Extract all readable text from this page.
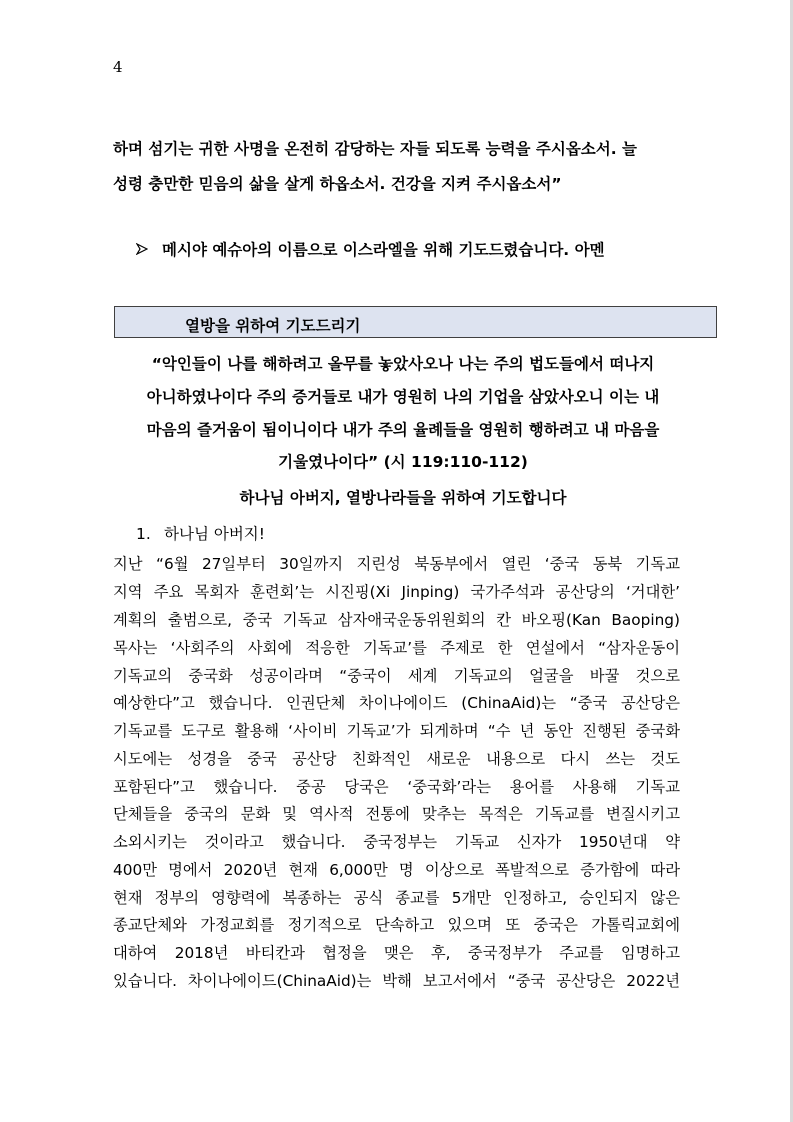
4
하며 섬기는 귀한 사명을 온전히 감당하는 자들 되도록 능력을 주시옵소서. 늘
성령 충만한 믿음의 삶을 살게 하옵소서. 건강을 지켜 주시옵소서”
메시야 예슈아의 이름으로 이스라엘을 위해 기도드렸습니다. 아멘
열방을 위하여 기도드리기
“악인들이 나를 해하려고 올무를 놓았사오나 나는 주의 법도들에서 떠나지
아니하였나이다 주의 증거들로 내가 영원히 나의 기업을 삼았사오니 이는 내
마음의 즐거움이 됨이니이다 내가 주의 율례들을 영원히 행하려고 내 마음을
기울였나이다” (시 119:110-112)
하나님 아버지, 열방나라들을 위하여 기도합니다
1. 하나님 아버지!
지난 “6월 27일부터 30일까지 지린성 북동부에서 열린 ‘중국 동북 기독교
지역 주요 목회자 훈련회’는 시진핑(Xi Jinping) 국가주석과 공산당의 ‘거대한’
계획의 출범으로, 중국 기독교 삼자애국운동위원회의 칸 바오핑(Kan Baoping)
목사는 ‘사회주의 사회에 적응한 기독교’를 주제로 한 연설에서 “삼자운동이
기독교의 중국화 성공이라며 “중국이 세계 기독교의 얼굴을 바꿀 것으로
예상한다”고 했습니다. 인권단체 차이나에이드 (ChinaAid)는 “중국 공산당은
기독교를 도구로 활용해 ‘사이비 기독교’가 되게하며 “수 년 동안 진행된 중국화
시도에는 성경을 중국 공산당 친화적인 새로운 내용으로 다시 쓰는 것도
포함된다”고 했습니다. 중공 당국은 ‘중국화’라는 용어를 사용해 기독교
단체들을 중국의 문화 및 역사적 전통에 맞추는 목적은 기독교를 변질시키고
소외시키는 것이라고 했습니다. 중국정부는 기독교 신자가 1950년대 약
400만 명에서 2020년 현재 6,000만 명 이상으로 폭발적으로 증가함에 따라
현재 정부의 영향력에 복종하는 공식 종교를 5개만 인정하고, 승인되지 않은
종교단체와 가정교회를 정기적으로 단속하고 있으며 또 중국은 가톨릭교회에
대하여 2018년 바티칸과 협정을 맺은 후, 중국정부가 주교를 임명하고
있습니다. 차이나에이드(ChinaAid)는 박해 보고서에서 “중국 공산당은 2022년
